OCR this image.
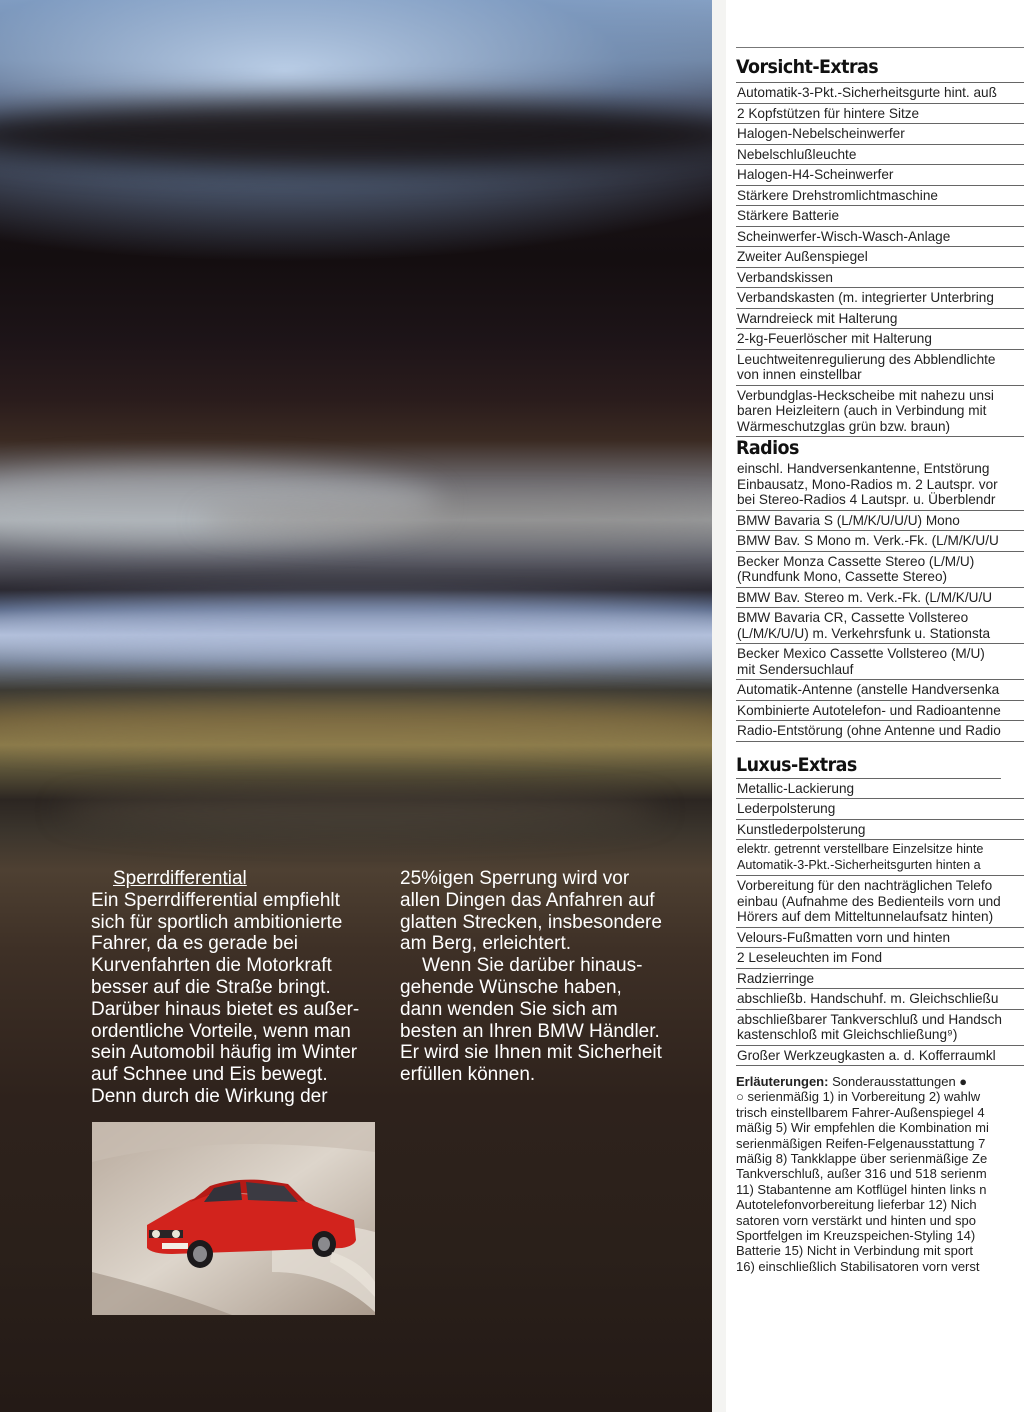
Sperrdifferential

Ein Sperrdifferential empfiehlt

sich für sportlich ambitionierte

Fahrer, da es gerade bei

Kurvenfahrten die Motorkraft

besser auf die Straße bringt.

Darüber hinaus bietet es außer-

ordentliche Vorteile, wenn man

sein Automobil häufig im Winter

auf Schnee und Eis bewegt.

Denn durch die Wirkung der

25%igen Sperrung wird vor

allen Dingen das Anfahren auf

glatten Strecken, insbesondere

am Berg, erleichtert.

Wenn Sie darüber hinaus-

gehende Wünsche haben,

dann wenden Sie sich am

besten an Ihren BMW Händler.

Er wird sie Ihnen mit Sicherheit

erfüllen können.

Vorsicht-Extras
Automatik-3-Pkt.-Sicherheitsgurte hint. auß
2 Kopfstützen für hintere Sitze
Halogen-Nebelscheinwerfer
Nebelschlußleuchte
Halogen-H4-Scheinwerfer
Stärkere Drehstromlichtmaschine
Stärkere Batterie
Scheinwerfer-Wisch-Wasch-Anlage
Zweiter Außenspiegel
Verbandskissen
Verbandskasten (m. integrierter Unterbring
Warndreieck mit Halterung
2-kg-Feuerlöscher mit Halterung
Leuchtweitenregulierung des Abblendlichte
von innen einstellbar
Verbundglas-Heckscheibe mit nahezu unsi
baren Heizleitern (auch in Verbindung mit
Wärmeschutzglas grün bzw. braun)
Radios
einschl. Handversenkantenne, Entstörung
Einbausatz, Mono-Radios m. 2 Lautspr. vor
bei Stereo-Radios 4 Lautspr. u. Überblendr
BMW Bavaria S (L/M/K/U/U/U) Mono
BMW Bav. S Mono m. Verk.-Fk. (L/M/K/U/U
Becker Monza Cassette Stereo (L/M/U)
(Rundfunk Mono, Cassette Stereo)
BMW Bav. Stereo m. Verk.-Fk. (L/M/K/U/U
BMW Bavaria CR, Cassette Vollstereo
(L/M/K/U/U) m. Verkehrsfunk u. Stationsta
Becker Mexico Cassette Vollstereo (M/U)
mit Sendersuchlauf
Automatik-Antenne (anstelle Handversenka
Kombinierte Autotelefon- und Radioantenne
Radio-Entstörung (ohne Antenne und Radio
Luxus-Extras
Metallic-Lackierung
Lederpolsterung
Kunstlederpolsterung
elektr. getrennt verstellbare Einzelsitze hinte
Automatik-3-Pkt.-Sicherheitsgurten hinten a
Vorbereitung für den nachträglichen Telefo
einbau (Aufnahme des Bedienteils vorn und
Hörers auf dem Mitteltunnelaufsatz hinten)
Velours-Fußmatten vorn und hinten
2 Leseleuchten im Fond
Radzierringe
abschließb. Handschuhf. m. Gleichschließu
abschließbarer Tankverschluß und Handsch
kastenschloß mit Gleichschließung⁹)
Großer Werkzeugkasten a. d. Kofferraumkl
Erläuterungen: Sonderausstattungen ●
○ serienmäßig 1) in Vorbereitung 2) wahlw
trisch einstellbarem Fahrer-Außenspiegel 4
mäßig 5) Wir empfehlen die Kombination mi
serienmäßigen Reifen-Felgenausstattung 7
mäßig 8) Tankklappe über serienmäßige Ze
Tankverschluß, außer 316 und 518 serienm
11) Stabantenne am Kotflügel hinten links n
Autotelefonvorbereitung lieferbar 12) Nich
satoren vorn verstärkt und hinten und spo
Sportfelgen im Kreuzspeichen-Styling 14)
Batterie 15) Nicht in Verbindung mit sport
16) einschließlich Stabilisatoren vorn verst
